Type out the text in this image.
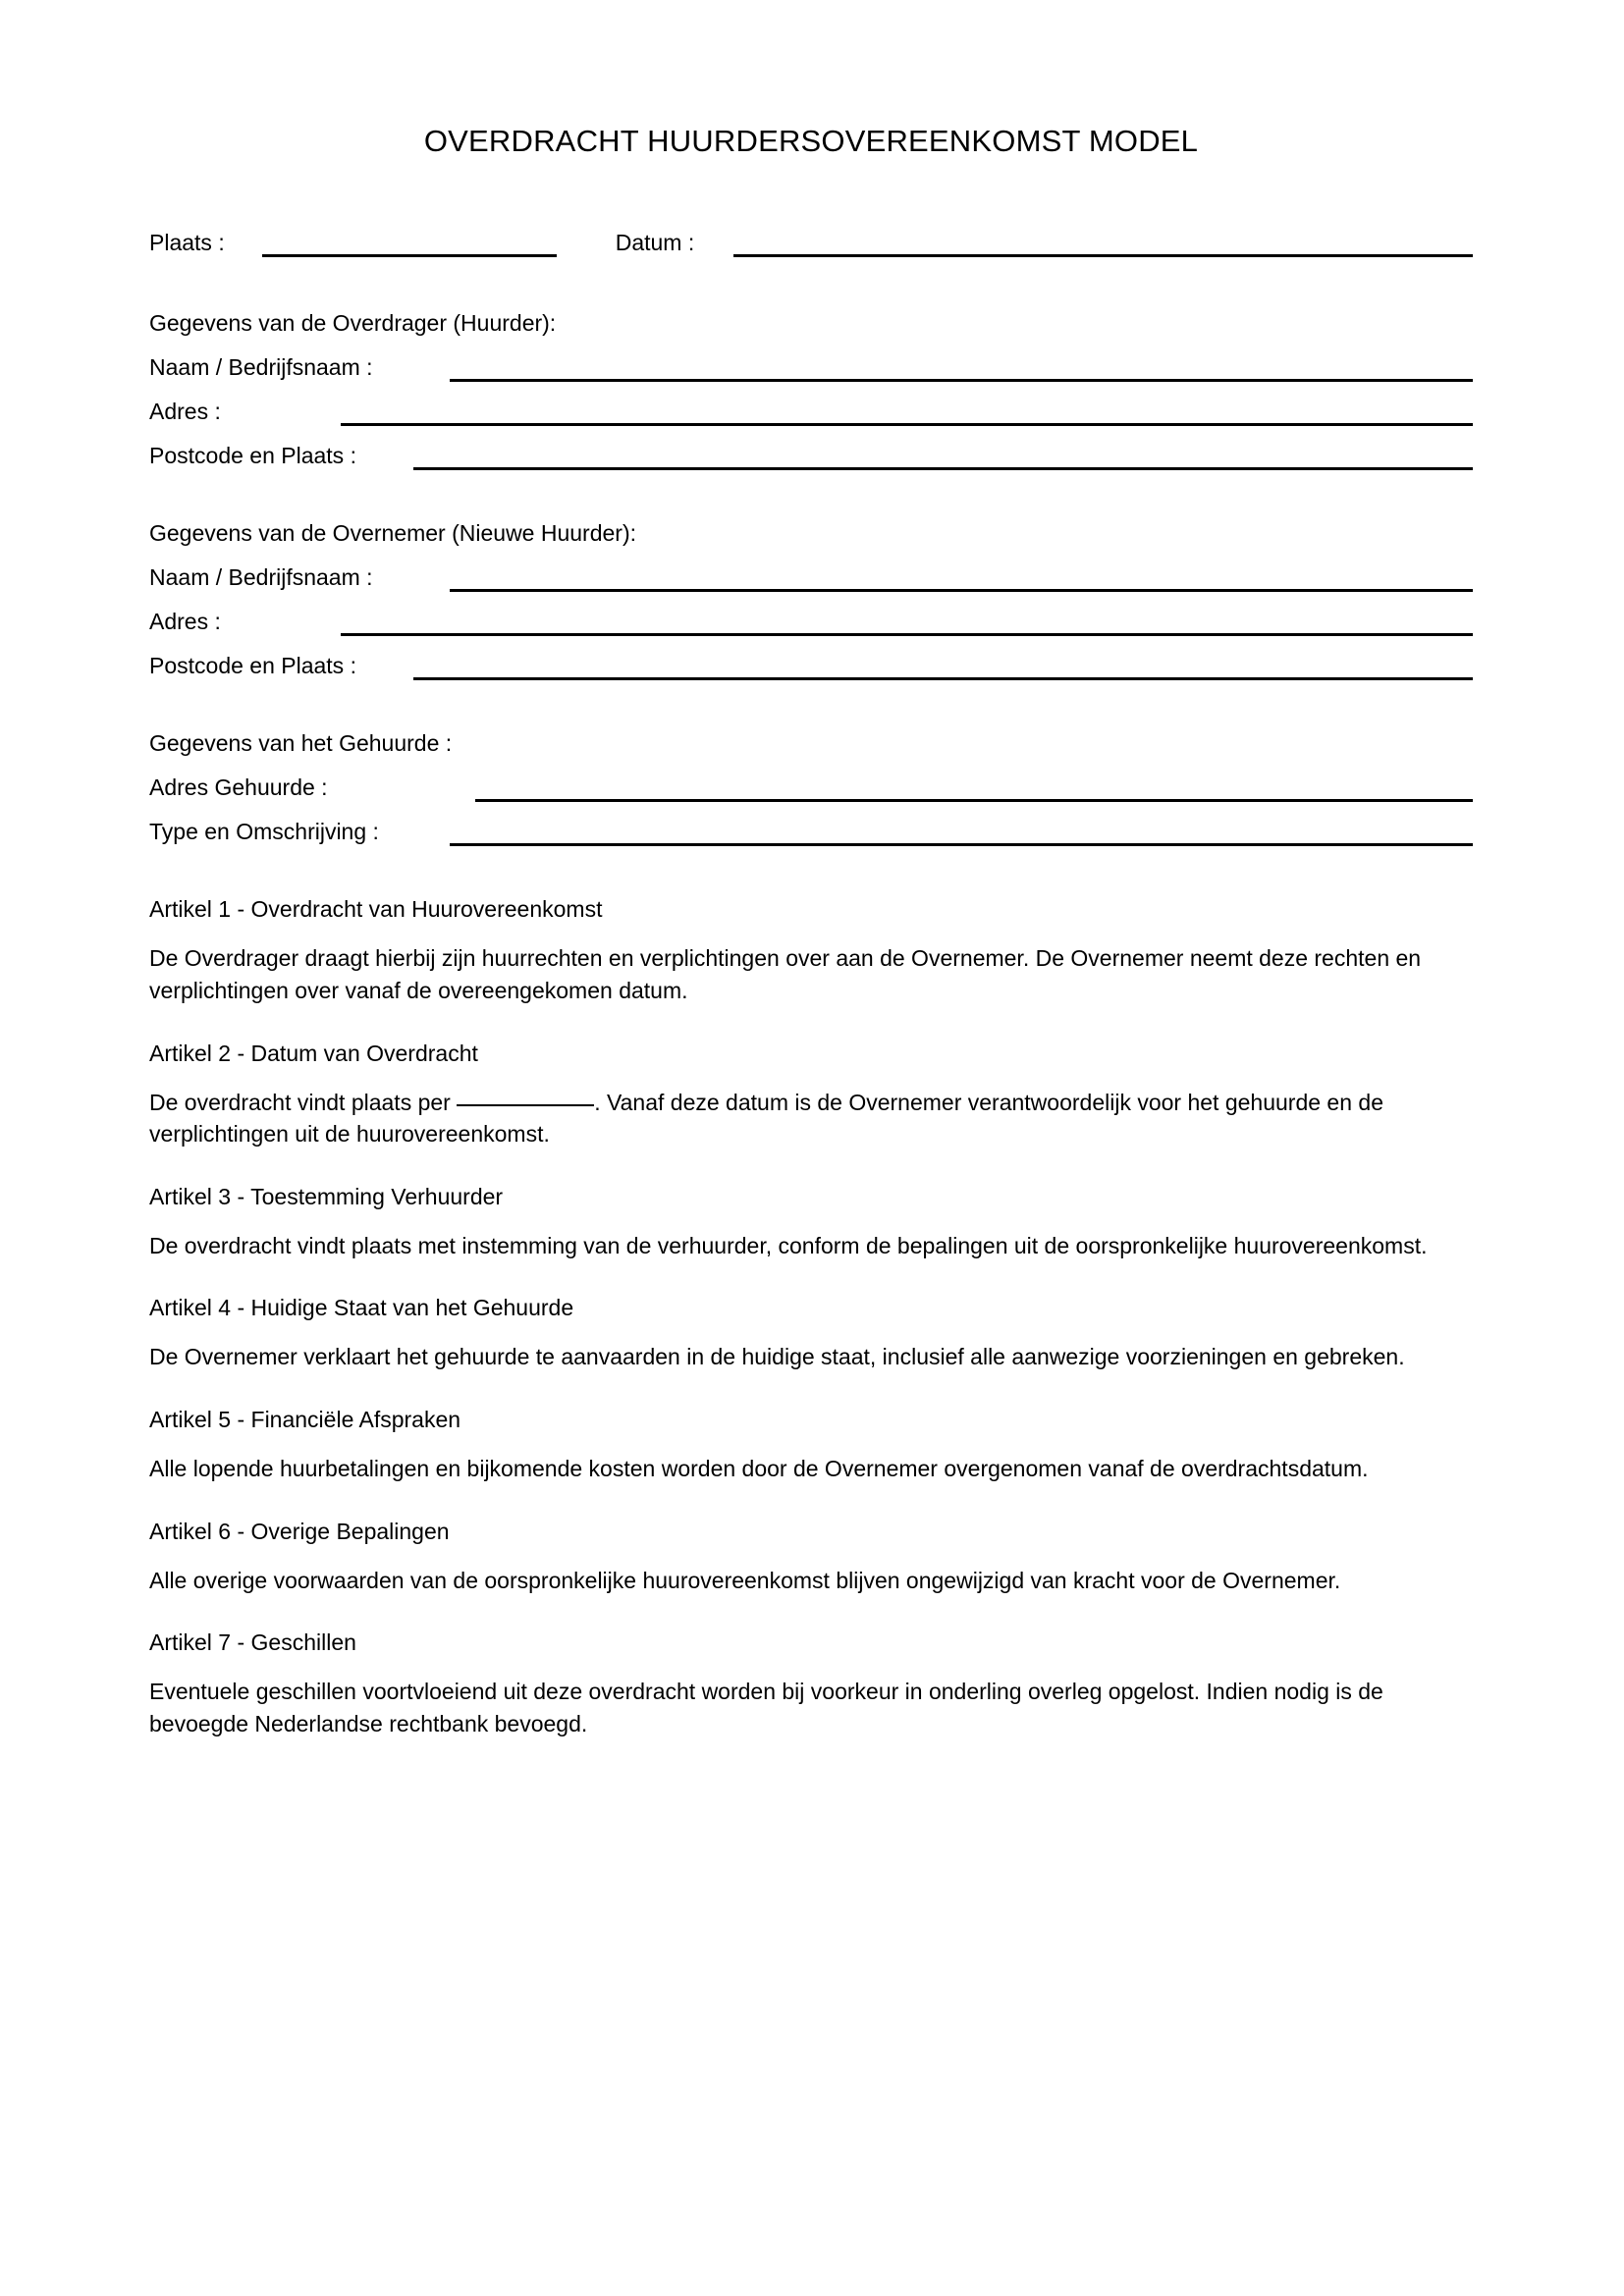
OVERDRACHT HUURDERSOVEREENKOMST MODEL
Plaats :	Datum :
Gegevens van de Overdrager (Huurder):
Naam / Bedrijfsnaam :
Adres :
Postcode en Plaats :
Gegevens van de Overnemer (Nieuwe Huurder):
Naam / Bedrijfsnaam :
Adres :
Postcode en Plaats :
Gegevens van het Gehuurde :
Adres Gehuurde :
Type en Omschrijving :

Artikel 1 - Overdracht van Huurovereenkomst

De Overdrager draagt hierbij zijn huurrechten en verplichtingen over aan de Overnemer. De Overnemer neemt deze rechten en verplichtingen over vanaf de overeengekomen datum.

Artikel 2 - Datum van Overdracht

De overdracht vindt plaats per	. Vanaf deze datum is de Overnemer verantwoordelijk voor het gehuurde en de verplichtingen uit de huurovereenkomst.

Artikel 3 - Toestemming Verhuurder

De overdracht vindt plaats met instemming van de verhuurder, conform de bepalingen uit de oorspronkelijke huurovereenkomst.

Artikel 4 - Huidige Staat van het Gehuurde

De Overnemer verklaart het gehuurde te aanvaarden in de huidige staat, inclusief alle aanwezige voorzieningen en gebreken.

Artikel 5 - Financiële Afspraken

Alle lopende huurbetalingen en bijkomende kosten worden door de Overnemer overgenomen vanaf de overdrachtsdatum.

Artikel 6 - Overige Bepalingen

Alle overige voorwaarden van de oorspronkelijke huurovereenkomst blijven ongewijzigd van kracht voor de Overnemer.

Artikel 7 - Geschillen

Eventuele geschillen voortvloeiend uit deze overdracht worden bij voorkeur in onderling overleg opgelost. Indien nodig is de bevoegde Nederlandse rechtbank bevoegd.
